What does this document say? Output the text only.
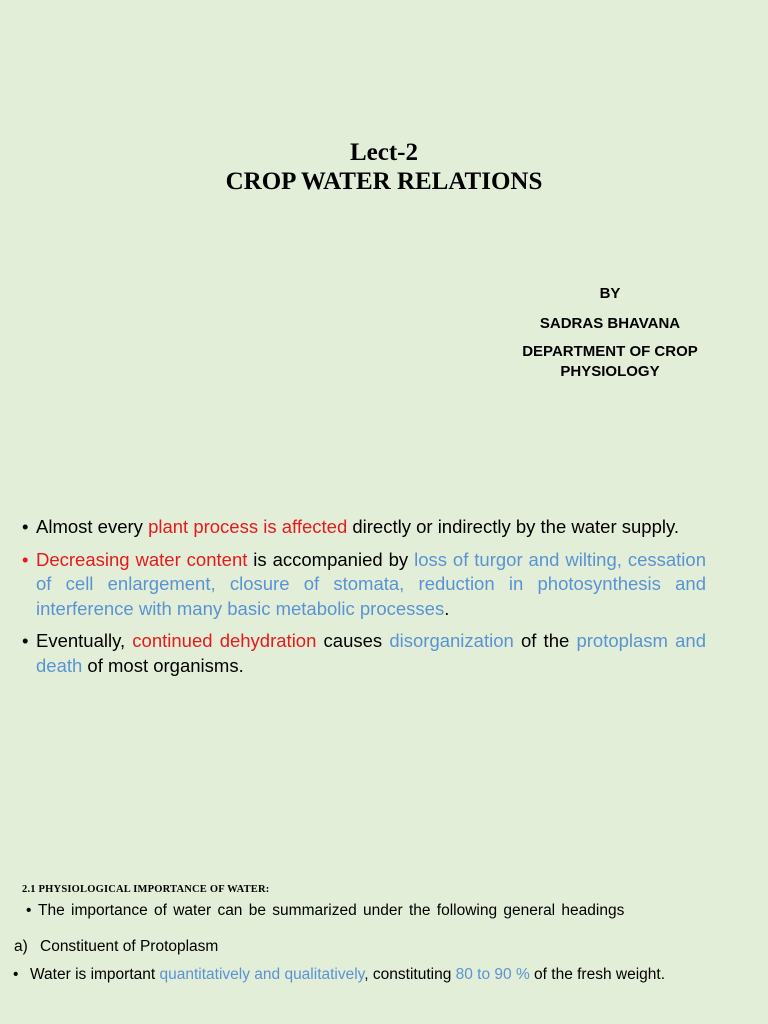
Lect-2
CROP WATER RELATIONS
BY
SADRAS BHAVANA
DEPARTMENT OF CROP
PHYSIOLOGY
• Almost every plant process is affected directly or indirectly by the water supply.
• Decreasing water content is accompanied by loss of turgor and wilting, cessation of cell enlargement, closure of stomata, reduction in photosynthesis and interference with many basic metabolic processes.
• Eventually, continued dehydration causes disorganization of the protoplasm and death of most organisms.
2.1 PHYSIOLOGICAL IMPORTANCE OF WATER:
• The importance of water can be summarized under the following general headings
a) Constituent of Protoplasm
• Water is important quantitatively and qualitatively, constituting 80 to 90 % of the fresh weight.
